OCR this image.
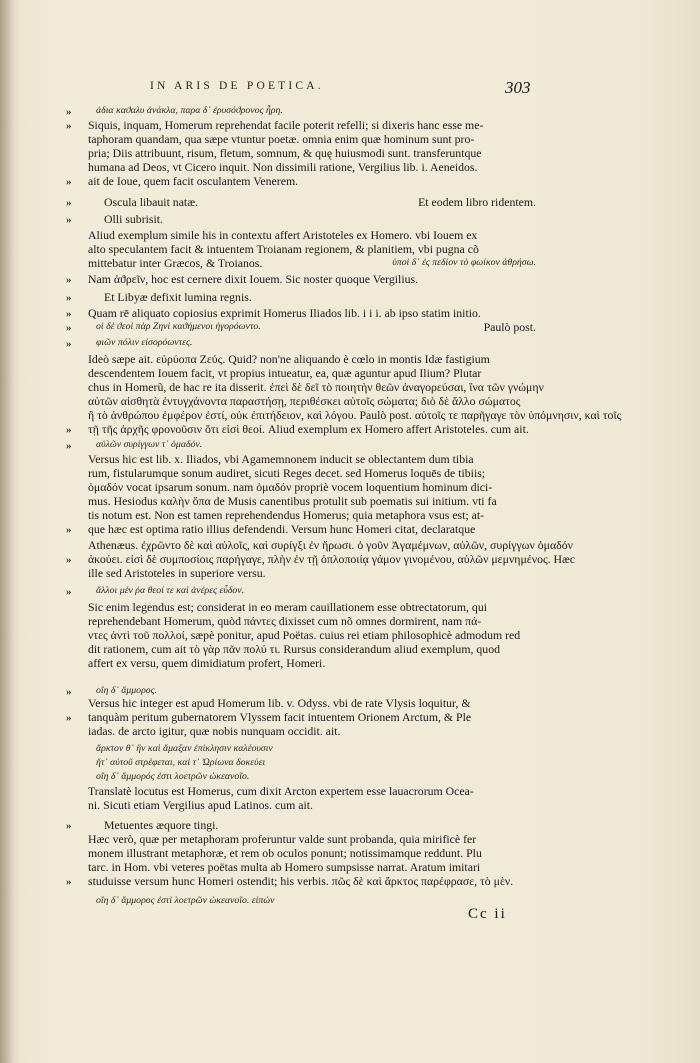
IN ARIS DE POETICA.	303
ἀδια καϑαλυ ἀνάκλα, παρα δ᾽ ἐρυσόϑρονος ἦρη.
»
Siquis, inquam, Homerum reprehendat facile poterit refelli; si dixeris hanc esse me-
»
taphoram quandam, qua sæpe vtuntur poetæ. omnia enim quæ hominum sunt pro-
pria; Diis attribuunt, risum, fletum, somnum, & quę huiusmodi sunt. transferuntque
humana ad Deos, vt Cicero inquit. Non dissimili ratione, Vergilius lib. i. Aeneidos.
ait de Ioue, quem facit osculantem Venerem.
»
Oscula libauit natæ.
»
Olli subrisit.
»
Aliud exemplum simile his in contextu affert Aristoteles ex Homero. vbi Iouem ex
alto speculantem facit & intuentem Troianam regionem, & planitiem, vbi pugna cõ
mittebatur inter Græcos, & Troianos.
Nam ἀϑρεῖν, hoc est cernere dixit Iouem. Sic noster quoque Vergilius.
»
Et Libyæ defixit lumina regnis.
»
Quam rē aliquato copiosius exprimit Homerus Iliados lib. i i i. ab ipso statim initio.
»
οἱ δὲ ϑεοὶ πὰρ Ζηνὶ καϑήμενοι ἠγορόωντο.
»
φιῶν πόλιν εἰσορόωντες.
»
Ideò sæpe ait. εὐρύοπα Ζεύς. Quid? non'ne aliquando è cœlo in montis Idæ fastigium
descendentem Iouem facit, vt propius intueatur, ea, quæ aguntur apud Ilium? Plutar
chus in Homerũ, de hac re ita disserit. ἐπεὶ δὲ δεῖ τὸ ποιητὴν θεῶν ἀναγορεύσαι, ἵνα τῶν γνώμην
αὐτῶν αἰσθητὰ ἐντυγχάνοντα παραστήσῃ, περιθέσκει αὐτοῖς σώματα; διὸ δὲ ἄλλο σώματος
ἢ τὸ ἀνθρώπου ἐμφέρον ἐστί, οὐκ ἐπιτήδειον, καὶ λόγου. Paulò post. αὐτοῖς τε παρῆγαγε τὸν ὑπόμνησιν, καὶ τοῖς
τῇ τῆς ἀρχῆς φρονοῦσιν ὅτι εἰσὶ θεοί. Aliud exemplum ex Homero affert Aristoteles. cum ait.
»
αὐλῶν συρίγγων τ᾽ ὁμαδόν.
»
Versus hic est lib. x. Iliados, vbi Agamemnonem inducit se oblectantem dum tibia
rum, fistularumque sonum audiret, sicuti Reges decet. sed Homerus loquēs de tibiis;
ὁμαδόν vocat ipsarum sonum. nam ὁμαδόν propriè vocem loquentium hominum dici-
mus. Hesiodus καλὴν ὄπα de Musis canentibus protulit sub poematis sui initium. vti fa
tis notum est. Non est tamen reprehendendus Homerus; quia metaphora vsus est; at-
que hæc est optima ratio illius defendendi. Versum hunc Homeri citat, declaratque
»
Athenæus. ἐχρῶντο δὲ καὶ αὐλοῖς, καὶ συρίγξι ἐν ἥρωσι. ὁ γοῦν Ἀγαμέμνων, αὐλῶν, συρίγγων ὁμαδόν
ἀκούει. εἰσὶ δὲ συμποσίοις παρήγαγε, πλὴν ἐν τῇ ὁπλοποιίᾳ γάμον γινομένου, αὐλῶν μεμνημένος. Hæc
»
ille sed Aristoteles in superiore versu.
ἄλλοι μέν ῥα θεοί τε καὶ ἀνέρες εὗδον.
»
Sic enim legendus est; considerat in eo meram cauillationem esse obtrectatorum, qui
reprehendebant Homerum, quòd πάντες dixisset cum nõ omnes dormirent, nam πά-
ντες ἀντὶ τοῦ πολλοί, sæpè ponitur, apud Poëtas. cuius rei etiam philosophicè admodum red
dit rationem, cum ait τὸ γὰρ πᾶν πολύ τι. Rursus considerandum aliud exemplum, quod
affert ex versu, quem dimidiatum profert, Homeri.
οἴη δ᾽ ἄμμορος.
»
Versus hic integer est apud Homerum lib. v. Odyss. vbi de rate Vlysis loquitur, &
tanquàm peritum gubernatorem Vlyssem facit intuentem Orionem Arctum, & Ple
»
iadas. de arcto igitur, quæ nobis nunquam occidit. ait.
ἄρκτον θ᾽ ἣν καὶ ἄμαξαν ἐπίκλησιν καλέουσιν
ἥτ᾽ αὐτοῦ στρέφεται, καὶ τ᾽ Ὠρίωνα δοκεύει
οἴη δ᾽ ἄμμορός ἐστι λοετρῶν ὠκεανοῖο.
Translatè locutus est Homerus, cum dixit Arcton expertem esse lauacrorum Ocea-
ni. Sicuti etiam Vergilius apud Latinos. cum ait.
Metuentes æquore tingi.
»
Hæc verò, quæ per metaphoram proferuntur valde sunt probanda, quia mirificè fer
monem illustrant metaphoræ, et rem ob oculos ponunt; notissimamque reddunt. Plu
tarc. in Hom. vbi veteres poëtas multa ab Homero sumpsisse narrat. Aratum imitari
studuisse versum hunc Homeri ostendit; his verbis. πῶς δὲ καὶ ἄρκτος παρέφρασε, τὸ μὲν.
»
οἴη δ᾽ ἄμμορος ἐστὶ λοετρῶν ὠκεανοῖο. εἰπών
Et eodem libro ridentem.
ὑποὶ δ᾽ ἐς πεδίον τὸ φωίκον ἀθρήσω.
Paulò post.
Cc ii
